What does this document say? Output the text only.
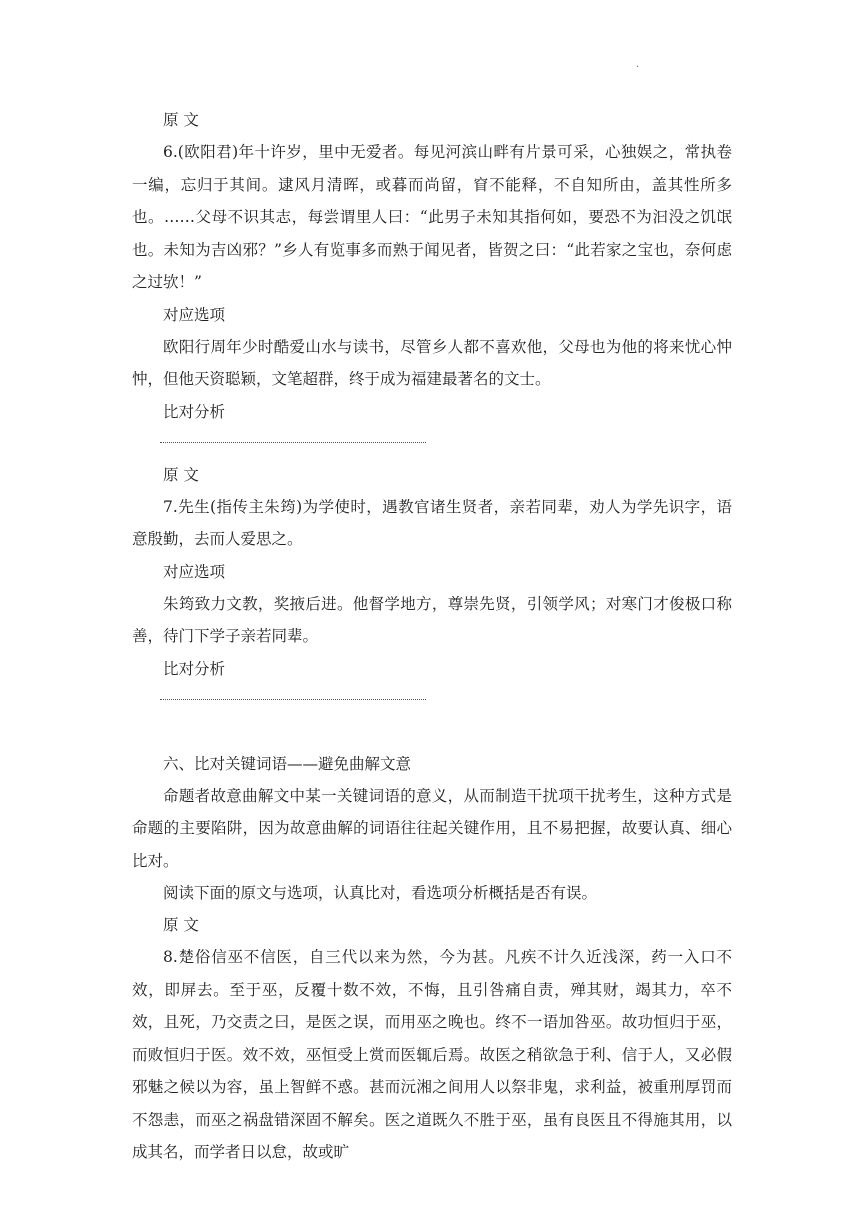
·
原 文

6.(欧阳君)年十许岁，里中无爱者。每见河滨山畔有片景可采，心独娱之，常执卷一编，忘归于其间。逮风月清晖，或暮而尚留，窅不能释，不自知所由，盖其性所多也。……父母不识其志，每尝谓里人曰：“此男子未知其指何如，要恐不为汩没之饥氓也。未知为吉凶邪？”乡人有览事多而熟于闻见者，皆贺之曰：“此若家之宝也，奈何虑之过欤！”

对应选项

欧阳行周年少时酷爱山水与读书，尽管乡人都不喜欢他，父母也为他的将来忧心忡忡，但他天资聪颖，文笔超群，终于成为福建最著名的文士。

比对分析
原 文

7.先生(指传主朱筠)为学使时，遇教官诸生贤者，亲若同辈，劝人为学先识字，语意殷勤，去而人爱思之。

对应选项

朱筠致力文教，奖掖后进。他督学地方，尊崇先贤，引领学风；对寒门才俊极口称善，待门下学子亲若同辈。

比对分析
六、比对关键词语——避免曲解文意

命题者故意曲解文中某一关键词语的意义，从而制造干扰项干扰考生，这种方式是命题的主要陷阱，因为故意曲解的词语往往起关键作用，且不易把握，故要认真、细心比对。

阅读下面的原文与选项，认真比对，看选项分析概括是否有误。
原 文

8.楚俗信巫不信医，自三代以来为然，今为甚。凡疾不计久近浅深，药一入口不效，即屏去。至于巫，反覆十数不效，不悔，且引咎痛自责，殚其财，竭其力，卒不效，且死，乃交责之曰，是医之误，而用巫之晚也。终不一语加咎巫。故功恒归于巫，而败恒归于医。效不效，巫恒受上赏而医辄后焉。故医之稍欲急于利、信于人，又必假邪魅之候以为容，虽上智鲜不惑。甚而沅湘之间用人以祭非鬼，求利益，被重刑厚罚而不怨恚，而巫之祸盘错深固不解矣。医之道既久不胜于巫，虽有良医且不得施其用，以成其名，而学者日以怠，故或旷
